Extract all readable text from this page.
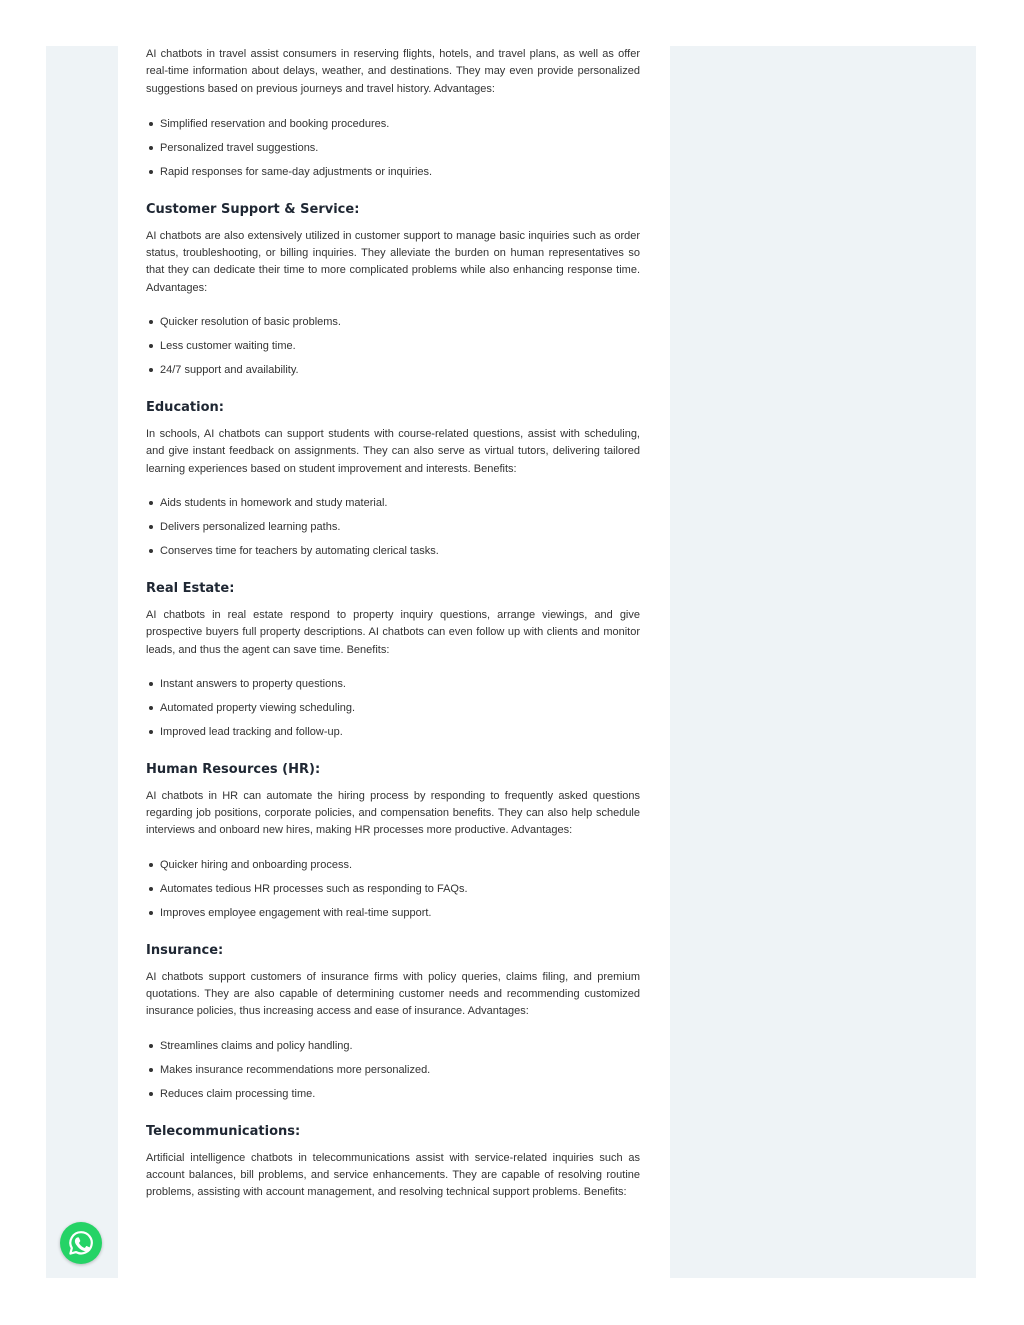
AI chatbots in travel assist consumers in reserving flights, hotels, and travel plans, as well as offer real-time information about delays, weather, and destinations. They may even provide personalized suggestions based on previous journeys and travel history. Advantages:

Simplified reservation and booking procedures.
Personalized travel suggestions.
Rapid responses for same-day adjustments or inquiries.
Customer Support & Service:

AI chatbots are also extensively utilized in customer support to manage basic inquiries such as order status, troubleshooting, or billing inquiries. They alleviate the burden on human representatives so that they can dedicate their time to more complicated problems while also enhancing response time. Advantages:

Quicker resolution of basic problems.
Less customer waiting time.
24/7 support and availability.
Education:

In schools, AI chatbots can support students with course-related questions, assist with scheduling, and give instant feedback on assignments. They can also serve as virtual tutors, delivering tailored learning experiences based on student improvement and interests. Benefits:

Aids students in homework and study material.
Delivers personalized learning paths.
Conserves time for teachers by automating clerical tasks.
Real Estate:

AI chatbots in real estate respond to property inquiry questions, arrange viewings, and give prospective buyers full property descriptions. AI chatbots can even follow up with clients and monitor leads, and thus the agent can save time. Benefits:

Instant answers to property questions.
Automated property viewing scheduling.
Improved lead tracking and follow-up.
Human Resources (HR):

AI chatbots in HR can automate the hiring process by responding to frequently asked questions regarding job positions, corporate policies, and compensation benefits. They can also help schedule interviews and onboard new hires, making HR processes more productive. Advantages:

Quicker hiring and onboarding process.
Automates tedious HR processes such as responding to FAQs.
Improves employee engagement with real-time support.
Insurance:

AI chatbots support customers of insurance firms with policy queries, claims filing, and premium quotations. They are also capable of determining customer needs and recommending customized insurance policies, thus increasing access and ease of insurance. Advantages:

Streamlines claims and policy handling.
Makes insurance recommendations more personalized.
Reduces claim processing time.
Telecommunications:

Artificial intelligence chatbots in telecommunications assist with service-related inquiries such as account balances, bill problems, and service enhancements. They are capable of resolving routine problems, assisting with account management, and resolving technical support problems. Benefits:
